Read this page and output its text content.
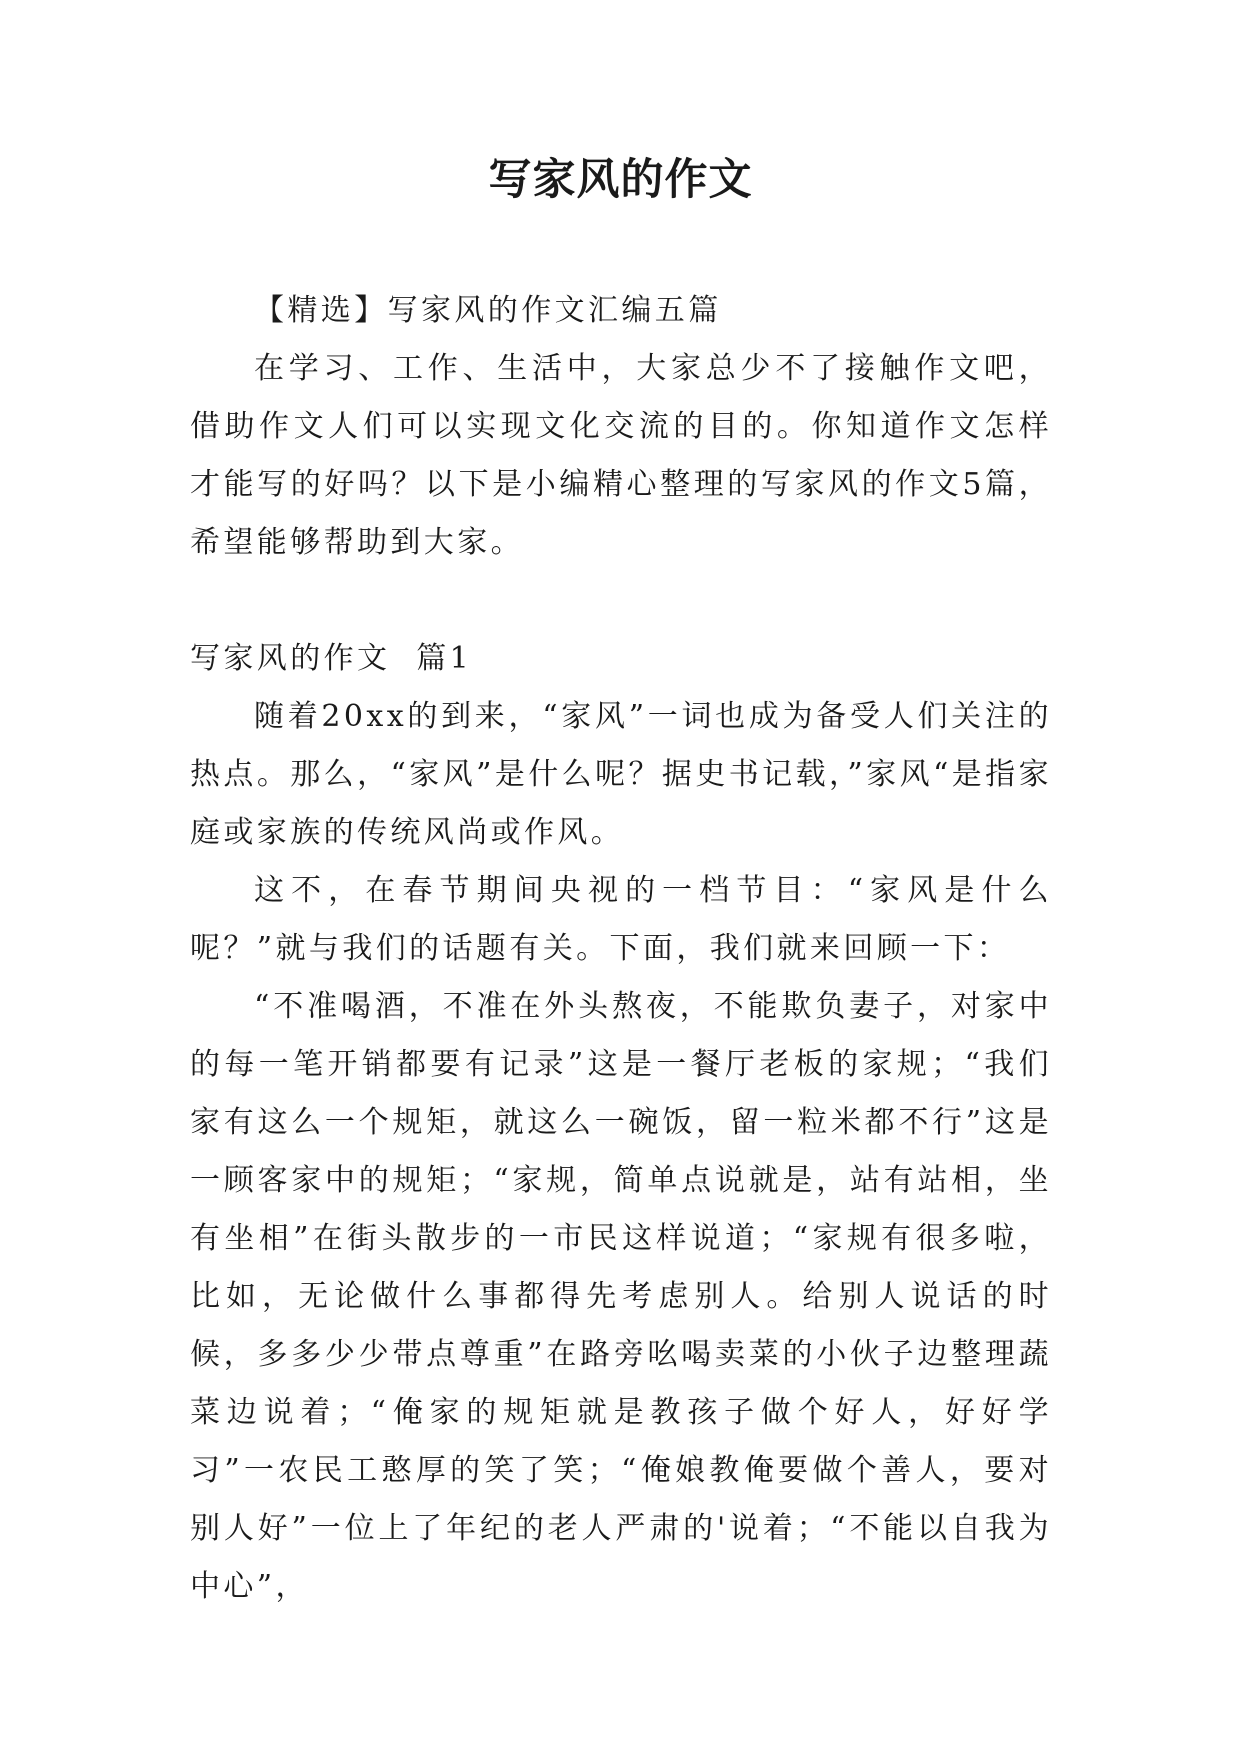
写家风的作文

【精选】写家风的作文汇编五篇

在学习、工作、生活中，大家总少不了接触作文吧，借助作文人们可以实现文化交流的目的。你知道作文怎样才能写的好吗？以下是小编精心整理的写家风的作文5篇，希望能够帮助到大家。

写家风的作文  篇1

随着20xx的到来，“家风”一词也成为备受人们关注的热点。那么，“家风”是什么呢？据史书记载，”家风“是指家庭或家族的传统风尚或作风。

这不，在春节期间央视的一档节目：“家风是什么呢？”就与我们的话题有关。下面，我们就来回顾一下：

“不准喝酒，不准在外头熬夜，不能欺负妻子，对家中的每一笔开销都要有记录”这是一餐厅老板的家规；“我们家有这么一个规矩，就这么一碗饭，留一粒米都不行”这是一顾客家中的规矩；“家规，简单点说就是，站有站相，坐有坐相”在街头散步的一市民这样说道；“家规有很多啦，比如，无论做什么事都得先考虑别人。给别人说话的时候，多多少少带点尊重”在路旁吆喝卖菜的小伙子边整理蔬菜边说着；“俺家的规矩就是教孩子做个好人，好好学习”一农民工憨厚的笑了笑；“俺娘教俺要做个善人，要对别人好”一位上了年纪的老人严肃的'说着；“不能以自我为中心”，
